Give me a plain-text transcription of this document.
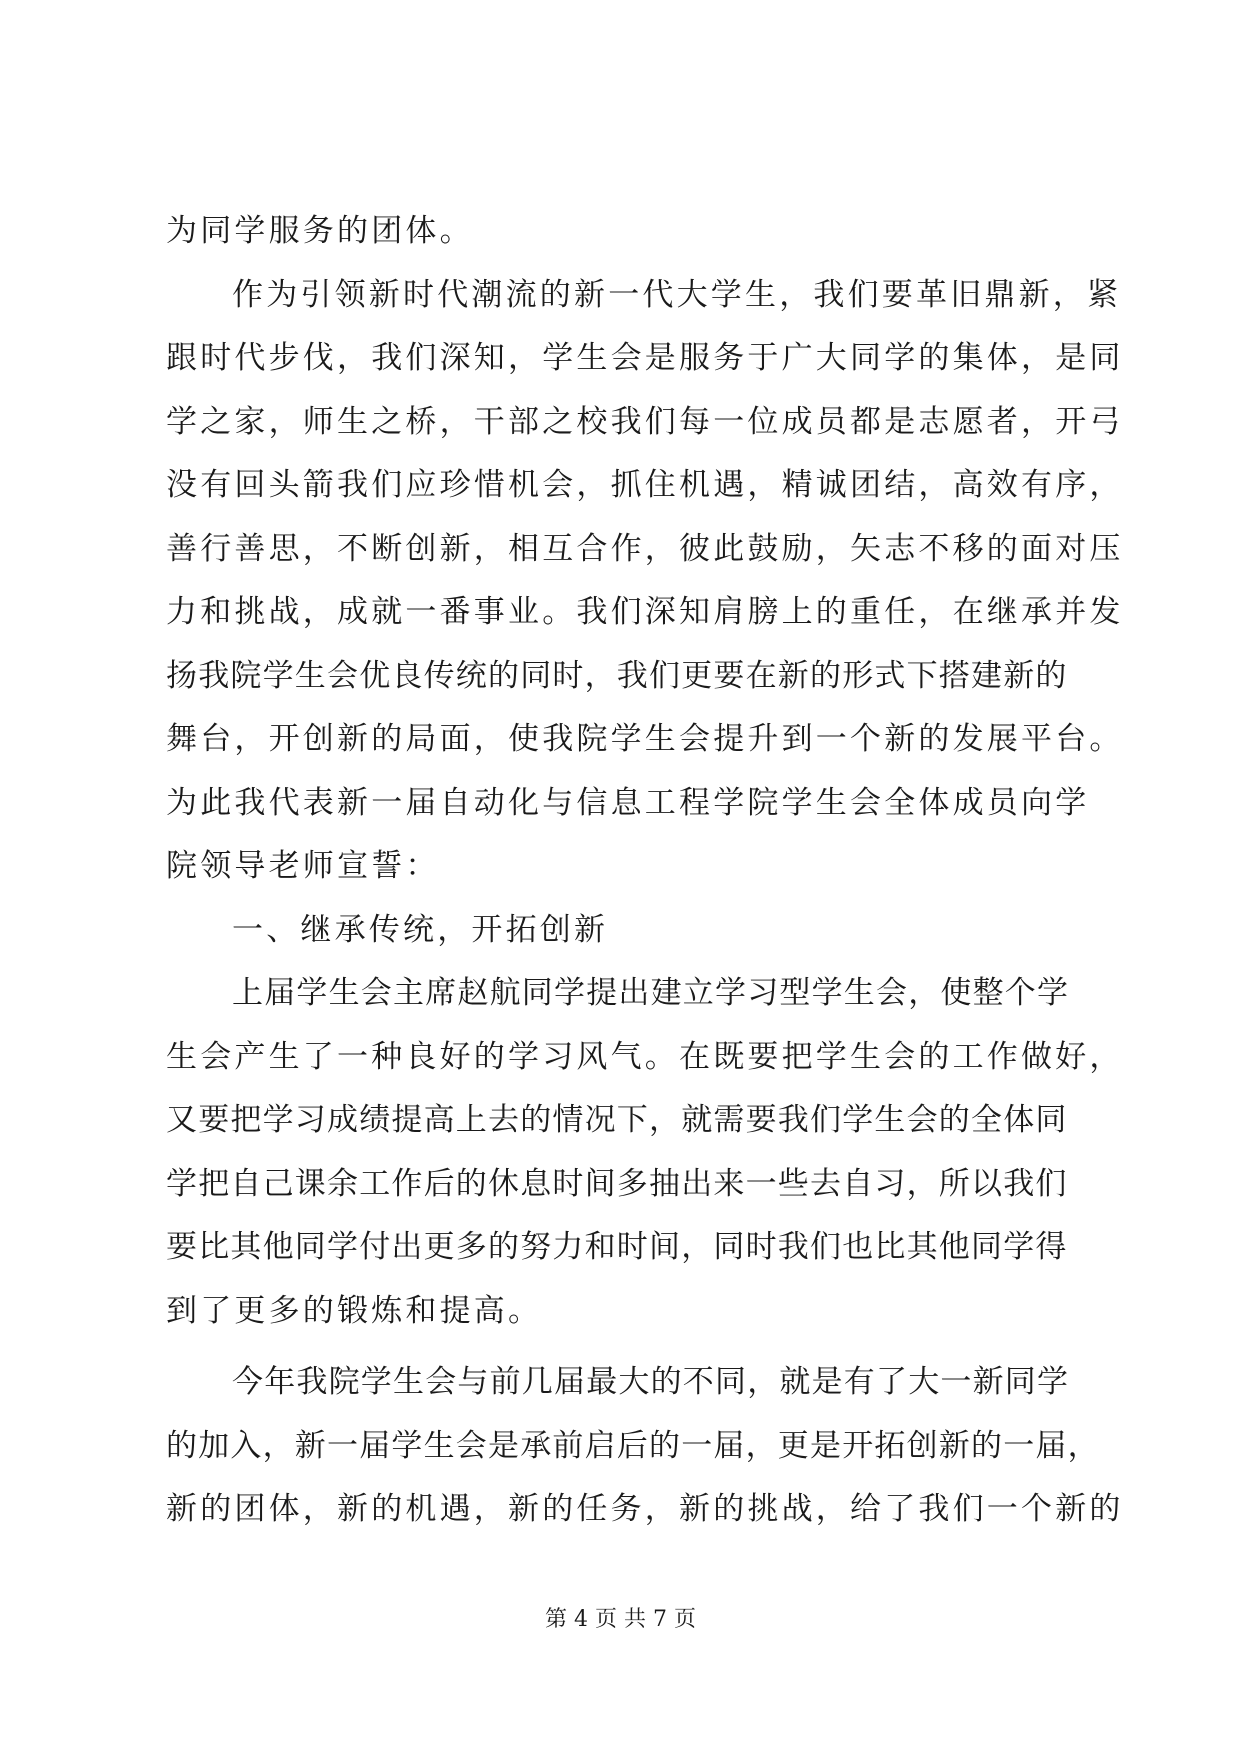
为同学服务的团体。
作为引领新时代潮流的新一代大学生，我们要革旧鼎新，紧
跟时代步伐，我们深知，学生会是服务于广大同学的集体，是同
学之家，师生之桥，干部之校我们每一位成员都是志愿者，开弓
没有回头箭我们应珍惜机会，抓住机遇，精诚团结，高效有序，
善行善思，不断创新，相互合作，彼此鼓励，矢志不移的面对压
力和挑战，成就一番事业。我们深知肩膀上的重任，在继承并发
扬我院学生会优良传统的同时，我们更要在新的形式下搭建新的
舞台，开创新的局面，使我院学生会提升到一个新的发展平台。
为此我代表新一届自动化与信息工程学院学生会全体成员向学
院领导老师宣誓：
一、继承传统，开拓创新
上届学生会主席赵航同学提出建立学习型学生会，使整个学
生会产生了一种良好的学习风气。在既要把学生会的工作做好，
又要把学习成绩提高上去的情况下，就需要我们学生会的全体同
学把自己课余工作后的休息时间多抽出来一些去自习，所以我们
要比其他同学付出更多的努力和时间，同时我们也比其他同学得
到了更多的锻炼和提高。
今年我院学生会与前几届最大的不同，就是有了大一新同学
的加入，新一届学生会是承前启后的一届，更是开拓创新的一届，
新的团体，新的机遇，新的任务，新的挑战，给了我们一个新的
第 4 页 共 7 页
